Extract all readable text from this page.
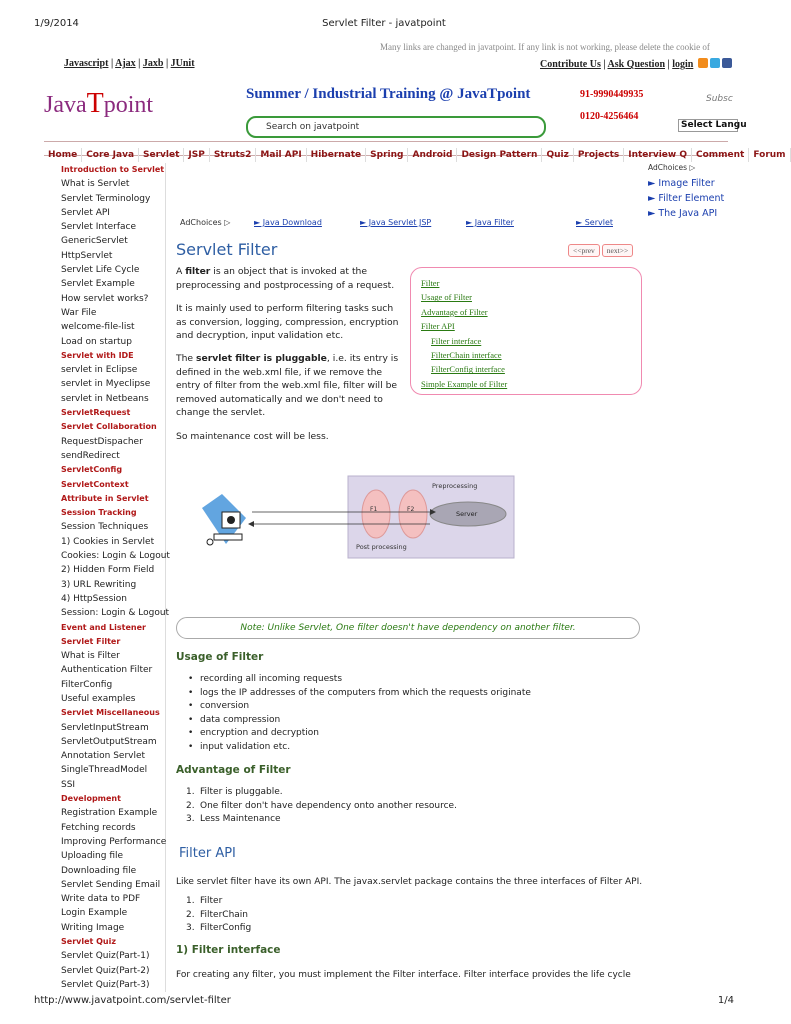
1/9/2014	Servlet Filter - javatpoint
Many links are changed in javatpoint. If any link is not working, please delete the cookie of
Javascript | Ajax | Jaxb | JUnit	Contribute Us | Ask Question | login
JavaTpoint	Summer / Industrial Training @ JavaTpoint	91-9990449935
0120-4256464
Subsc
Search on javatpoint	Select Langu
Home Core Java Servlet JSP Struts2 Mail API Hibernate Spring Android Design Pattern Quiz Projects Interview Q Comment Forum
Introduction to Servlet
What is Servlet
Servlet Terminology
Servlet API
Servlet Interface
GenericServlet
HttpServlet
Servlet Life Cycle
Servlet Example
How servlet works?
War File
welcome-file-list
Load on startup
Servlet with IDE
servlet in Eclipse
servlet in Myeclipse
servlet in Netbeans
ServletRequest
Servlet Collaboration
RequestDispacher
sendRedirect
ServletConfig
ServletContext
Attribute in Servlet
Session Tracking
Session Techniques
1) Cookies in Servlet
Cookies: Login & Logout
2) Hidden Form Field
3) URL Rewriting
4) HttpSession
Session: Login & Logout
Event and Listener
Servlet Filter
What is Filter
Authentication Filter
FilterConfig
Useful examples
Servlet Miscellaneous
ServletInputStream
ServletOutputStream
Annotation Servlet
SingleThreadModel
SSI
Development
Registration Example
Fetching records
Improving Performance
Uploading file
Downloading file
Servlet Sending Email
Write data to PDF
Login Example
Writing Image
Servlet Quiz
Servlet Quiz(Part-1)
Servlet Quiz(Part-2)
Servlet Quiz(Part-3)
AdChoices ▷
► Image Filter
► Filter Element
► The Java API
AdChoices ▷	► Java Download	► Java Servlet JSP	► Java Filter	► Servlet
Servlet Filter	<<prev next>>
A filter is an object that is invoked at the preprocessing and postprocessing of a request.
It is mainly used to perform filtering tasks such as conversion, logging, compression, encryption and decryption, input validation etc.
The servlet filter is pluggable, i.e. its entry is defined in the web.xml file, if we remove the entry of filter from the web.xml file, filter will be removed automatically and we don't need to change the servlet.
So maintenance cost will be less.
Filter
Usage of Filter
Advantage of Filter
Filter API
Filter interface
FilterChain interface
FilterConfig interface
Simple Example of Filter
Preprocessing
Post processing
F1	F2
Server
Note: Unlike Servlet, One filter doesn't have dependency on another filter.
Usage of Filter
• recording all incoming requests
• logs the IP addresses of the computers from which the requests originate
• conversion
• data compression
• encryption and decryption
• input validation etc.
Advantage of Filter
1. Filter is pluggable.
2. One filter don't have dependency onto another resource.
3. Less Maintenance
Filter API
Like servlet filter have its own API. The javax.servlet package contains the three interfaces of Filter API.
1. Filter
2. FilterChain
3. FilterConfig
1) Filter interface
For creating any filter, you must implement the Filter interface. Filter interface provides the life cycle
http://www.javatpoint.com/servlet-filter	1/4
